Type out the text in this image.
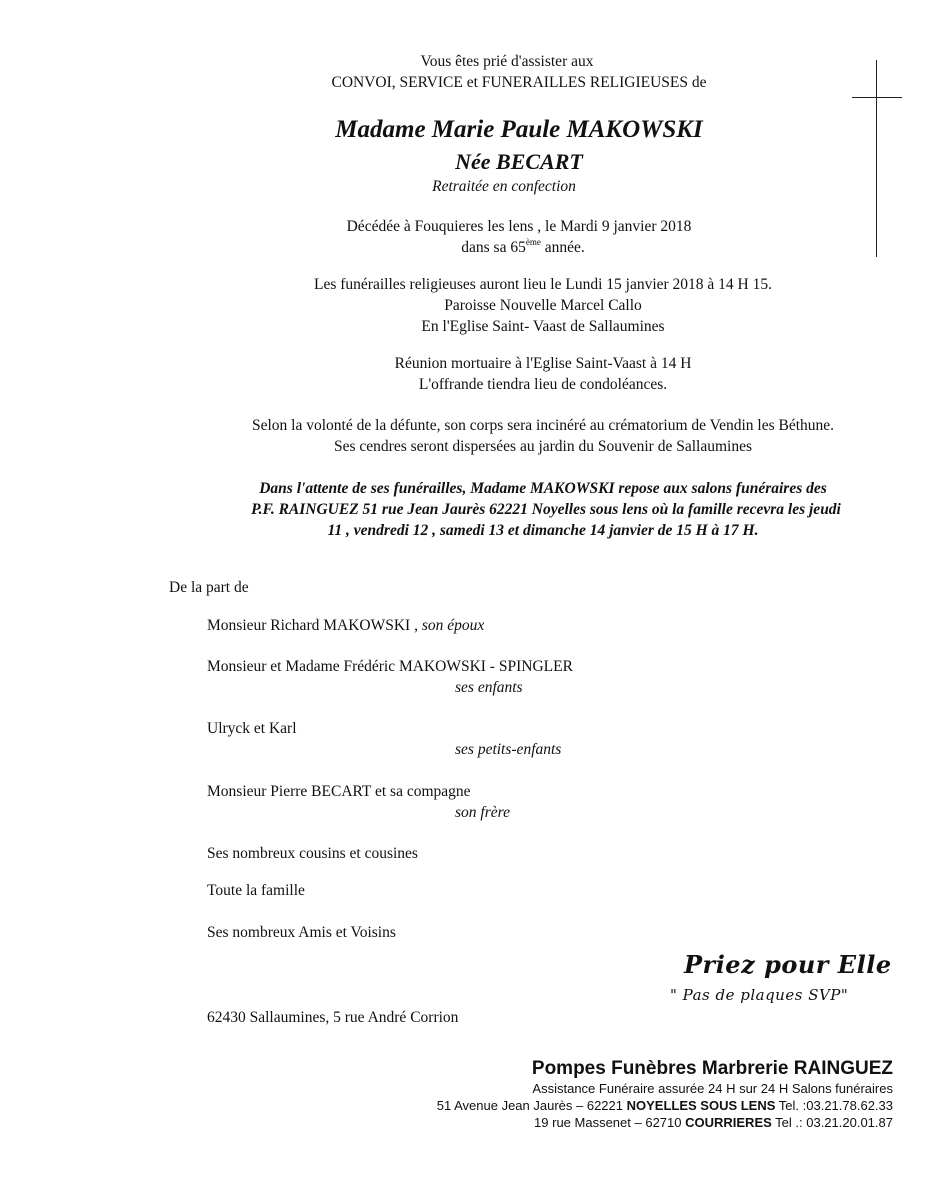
Vous êtes prié d'assister aux
CONVOI, SERVICE et FUNERAILLES RELIGIEUSES de
Madame Marie Paule MAKOWSKI
Née BECART
Retraitée en confection
Décédée à Fouquieres les lens , le Mardi 9 janvier 2018
dans sa 65ème année.
Les funérailles religieuses auront lieu le Lundi 15 janvier 2018 à 14 H 15.
Paroisse Nouvelle Marcel Callo
En l'Eglise Saint- Vaast de Sallaumines
Réunion mortuaire à l'Eglise Saint-Vaast à 14 H
L'offrande tiendra lieu de condoléances.
Selon la volonté de la défunte, son corps sera incinéré au crématorium de Vendin les Béthune.
Ses cendres seront dispersées au jardin du Souvenir de Sallaumines
Dans l'attente de ses funérailles, Madame MAKOWSKI repose aux salons funéraires des
P.F. RAINGUEZ 51 rue Jean Jaurès 62221 Noyelles sous lens où la famille recevra les jeudi
11 , vendredi 12 , samedi 13 et dimanche 14 janvier de 15 H à 17 H.
De la part de
Monsieur Richard MAKOWSKI , son époux
Monsieur et Madame Frédéric MAKOWSKI - SPINGLER
ses enfants
Ulryck et Karl
ses petits-enfants
Monsieur Pierre BECART et sa compagne
son frère
Ses nombreux cousins et cousines
Toute la famille
Ses nombreux Amis et Voisins
Priez pour Elle
" Pas de plaques SVP"
62430 Sallaumines, 5 rue André Corrion
Pompes Funèbres Marbrerie RAINGUEZ
Assistance Funéraire assurée 24 H sur 24 H Salons funéraires
51 Avenue Jean Jaurès – 62221 NOYELLES SOUS LENS Tel. :03.21.78.62.33
19 rue Massenet – 62710 COURRIERES Tel .: 03.21.20.01.87
